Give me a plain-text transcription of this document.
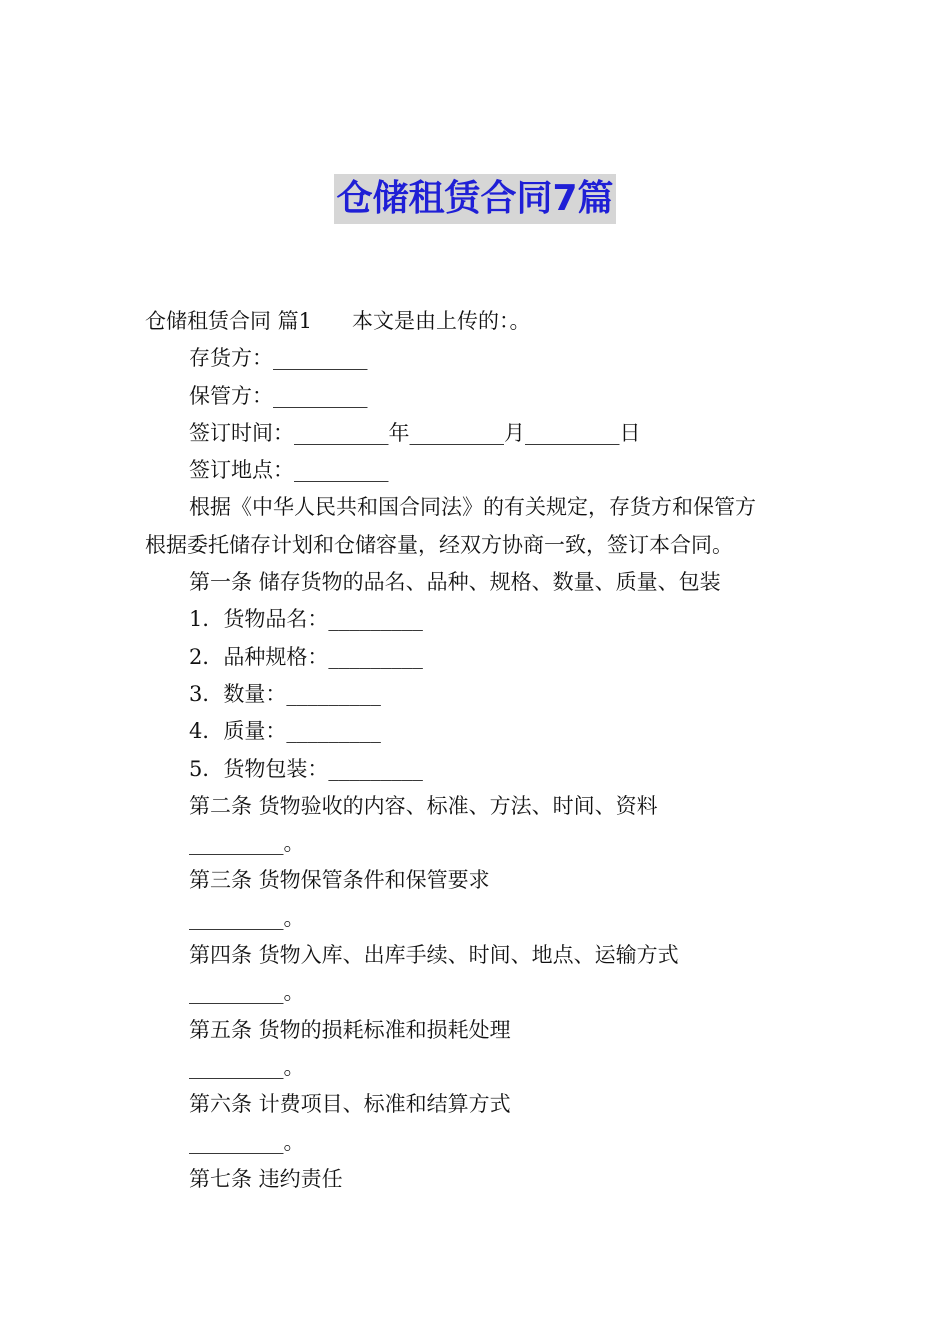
仓储租赁合同7篇
仓储租赁合同 篇1 本文是由上传的：。
存货方：_________
保管方：_________
签订时间：_________年_________月_________日
签订地点：_________
根据《中华人民共和国合同法》的有关规定，存货方和保管方
根据委托储存计划和仓储容量，经双方协商一致，签订本合同。
第一条 储存货物的品名、品种、规格、数量、质量、包装
1．货物品名：_________
2．品种规格：_________
3．数量：_________
4．质量：_________
5．货物包装：_________
第二条 货物验收的内容、标准、方法、时间、资料
_________。
第三条 货物保管条件和保管要求
_________。
第四条 货物入库、出库手续、时间、地点、运输方式
_________。
第五条 货物的损耗标准和损耗处理
_________。
第六条 计费项目、标准和结算方式
_________。
第七条 违约责任
